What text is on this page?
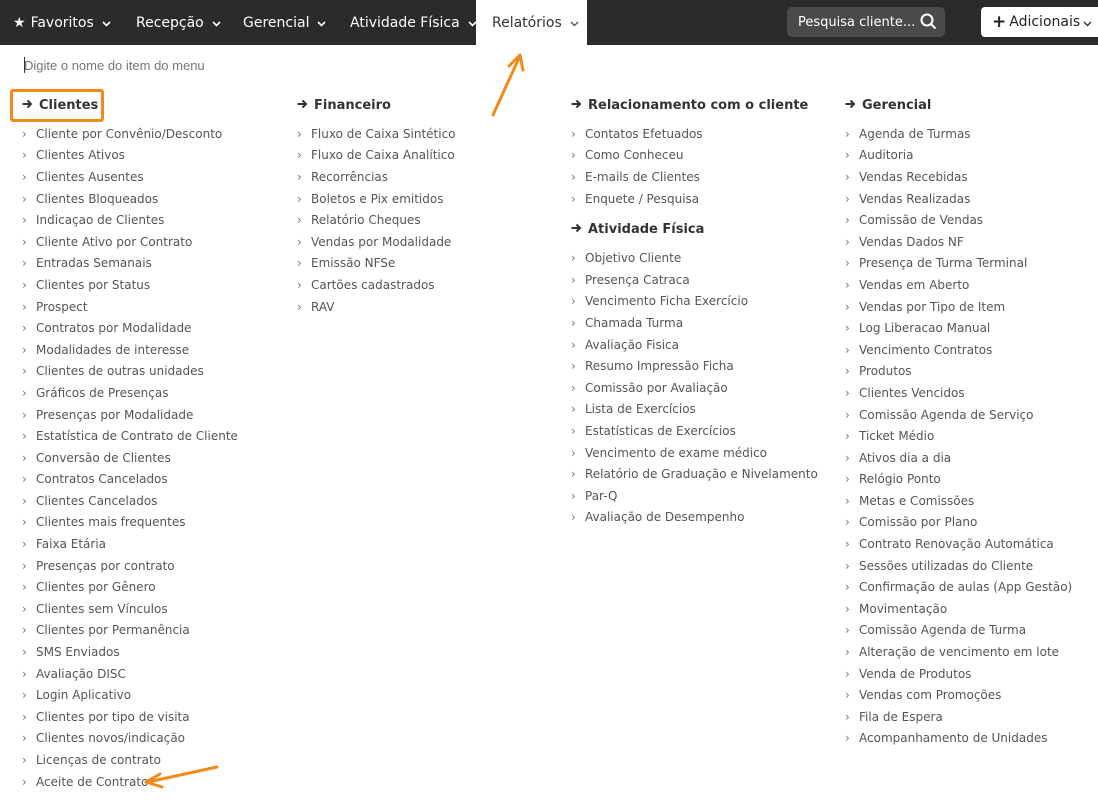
★ Favoritos	Recepção	Gerencial	Atividade Física Relatórios	Pesquisa cliente...	+ Adicionais
Digite o nome do item do menu
Clientes
› Cliente por Convênio/Desconto
› Clientes Ativos
› Clientes Ausentes
› Clientes Bloqueados
› Indicaçao de Clientes
› Cliente Ativo por Contrato
› Entradas Semanais
› Clientes por Status
› Prospect
› Contratos por Modalidade
› Modalidades de interesse
› Clientes de outras unidades
› Gráficos de Presenças
› Presenças por Modalidade
› Estatística de Contrato de Cliente
› Conversão de Clientes
› Contratos Cancelados
› Clientes Cancelados
› Clientes mais frequentes
› Faixa Etária
› Presenças por contrato
› Clientes por Gênero
› Clientes sem Vínculos
› Clientes por Permanência
› SMS Enviados
› Avaliação DISC
› Login Aplicativo
› Clientes por tipo de visita
› Clientes novos/indicação
› Licenças de contrato
› Aceite de Contrato
Financeiro
› Fluxo de Caixa Sintético
› Fluxo de Caixa Analítico
› Recorrências
› Boletos e Pix emitidos
› Relatório Cheques
› Vendas por Modalidade
› Emissão NFSe
› Cartões cadastrados
› RAV
Relacionamento com o cliente
› Contatos Efetuados
› Como Conheceu
› E-mails de Clientes
› Enquete / Pesquisa
Atividade Física
› Objetivo Cliente
› Presença Catraca
› Vencimento Ficha Exercício
› Chamada Turma
› Avaliação Fisica
› Resumo Impressão Ficha
› Comissão por Avaliação
› Lista de Exercícios
› Estatísticas de Exercícios
› Vencimento de exame médico
› Relatório de Graduação e Nivelamento
› Par-Q
› Avaliação de Desempenho
Gerencial
› Agenda de Turmas
› Auditoria
› Vendas Recebidas
› Vendas Realizadas
› Comissão de Vendas
› Vendas Dados NF
› Presença de Turma Terminal
› Vendas em Aberto
› Vendas por Tipo de Item
› Log Liberacao Manual
› Vencimento Contratos
› Produtos
› Clientes Vencidos
› Comissão Agenda de Serviço
› Ticket Médio
› Ativos dia a dia
› Relógio Ponto
› Metas e Comissões
› Comissão por Plano
› Contrato Renovação Automática
› Sessões utilizadas do Cliente
› Confirmação de aulas (App Gestão)
› Movimentação
› Comissão Agenda de Turma
› Alteração de vencimento em lote
› Venda de Produtos
› Vendas com Promoções
› Fila de Espera
› Acompanhamento de Unidades
